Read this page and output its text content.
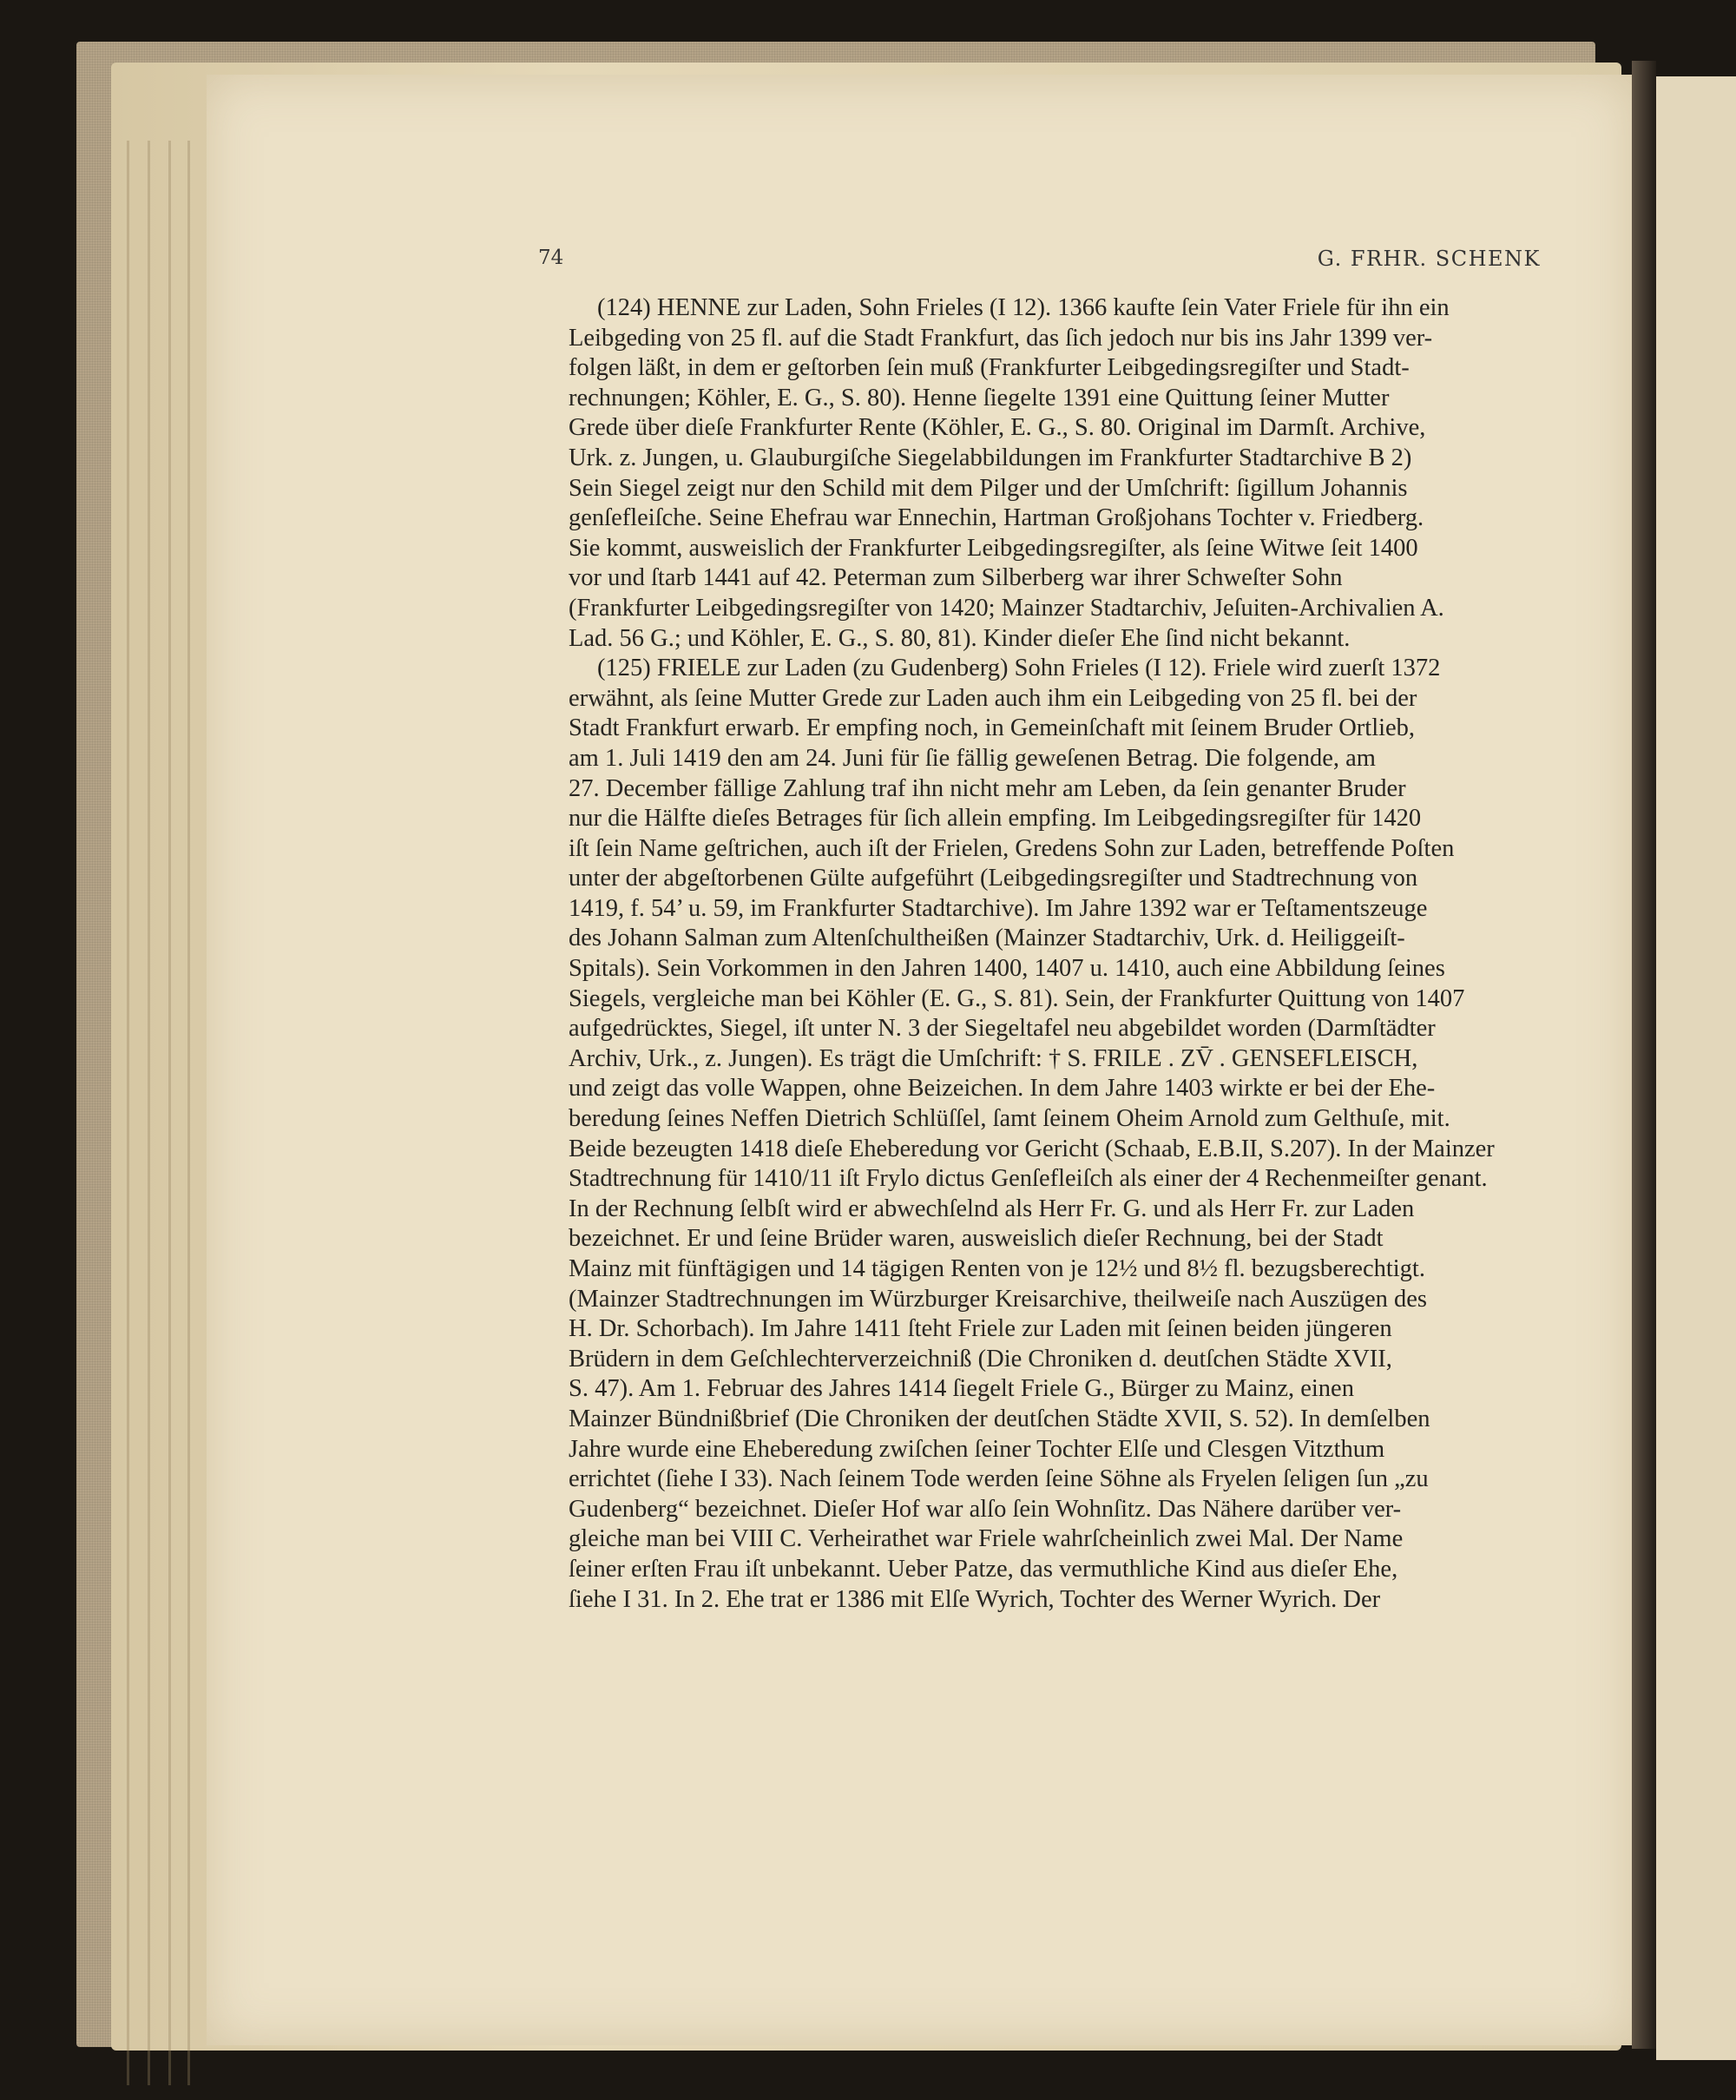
74	G. FRHR. SCHENK
(124) HENNE zur Laden, Sohn Frieles (I 12). 1366 kaufte ſein Vater Friele für ihn ein
Leibgeding von 25 fl. auf die Stadt Frankfurt, das ſich jedoch nur bis ins Jahr 1399 ver-
folgen läßt, in dem er geſtorben ſein muß (Frankfurter Leibgedingsregiſter und Stadt-
rechnungen; Köhler, E. G., S. 80). Henne ſiegelte 1391 eine Quittung ſeiner Mutter
Grede über dieſe Frankfurter Rente (Köhler, E. G., S. 80. Original im Darmſt. Archive,
Urk. z. Jungen, u. Glauburgiſche Siegelabbildungen im Frankfurter Stadtarchive B 2)
Sein Siegel zeigt nur den Schild mit dem Pilger und der Umſchrift: ſigillum Johannis
genſefleiſche. Seine Ehefrau war Ennechin, Hartman Großjohans Tochter v. Friedberg.
Sie kommt, ausweislich der Frankfurter Leibgedingsregiſter, als ſeine Witwe ſeit 1400
vor und ſtarb 1441 auf 42. Peterman zum Silberberg war ihrer Schweſter Sohn
(Frankfurter Leibgedingsregiſter von 1420; Mainzer Stadtarchiv, Jeſuiten-Archivalien A.
Lad. 56 G.; und Köhler, E. G., S. 80, 81). Kinder dieſer Ehe ſind nicht bekannt.
(125) FRIELE zur Laden (zu Gudenberg) Sohn Frieles (I 12). Friele wird zuerſt 1372
erwähnt, als ſeine Mutter Grede zur Laden auch ihm ein Leibgeding von 25 fl. bei der
Stadt Frankfurt erwarb. Er empfing noch, in Gemeinſchaft mit ſeinem Bruder Ortlieb,
am 1. Juli 1419 den am 24. Juni für ſie fällig geweſenen Betrag. Die folgende, am
27. December fällige Zahlung traf ihn nicht mehr am Leben, da ſein genanter Bruder
nur die Hälfte dieſes Betrages für ſich allein empfing. Im Leibgedingsregiſter für 1420
iſt ſein Name geſtrichen, auch iſt der Frielen, Gredens Sohn zur Laden, betreffende Poſten
unter der abgeſtorbenen Gülte aufgeführt (Leibgedingsregiſter und Stadtrechnung von
1419, f. 54’ u. 59, im Frankfurter Stadtarchive). Im Jahre 1392 war er Teſtamentszeuge
des Johann Salman zum Altenſchultheißen (Mainzer Stadtarchiv, Urk. d. Heiliggeiſt-
Spitals). Sein Vorkommen in den Jahren 1400, 1407 u. 1410, auch eine Abbildung ſeines
Siegels, vergleiche man bei Köhler (E. G., S. 81). Sein, der Frankfurter Quittung von 1407
aufgedrücktes, Siegel, iſt unter N. 3 der Siegeltafel neu abgebildet worden (Darmſtädter
Archiv, Urk., z. Jungen). Es trägt die Umſchrift: † S. FRILE . ZV̄ . GENSEFLEISCH,
und zeigt das volle Wappen, ohne Beizeichen. In dem Jahre 1403 wirkte er bei der Ehe-
beredung ſeines Neffen Dietrich Schlüſſel, ſamt ſeinem Oheim Arnold zum Gelthuſe, mit.
Beide bezeugten 1418 dieſe Eheberedung vor Gericht (Schaab, E.B.II, S.207). In der Mainzer
Stadtrechnung für 1410/11 iſt Frylo dictus Genſefleiſch als einer der 4 Rechenmeiſter genant.
In der Rechnung ſelbſt wird er abwechſelnd als Herr Fr. G. und als Herr Fr. zur Laden
bezeichnet. Er und ſeine Brüder waren, ausweislich dieſer Rechnung, bei der Stadt
Mainz mit fünftägigen und 14 tägigen Renten von je 12½ und 8½ fl. bezugsberechtigt.
(Mainzer Stadtrechnungen im Würzburger Kreisarchive, theilweiſe nach Auszügen des
H. Dr. Schorbach). Im Jahre 1411 ſteht Friele zur Laden mit ſeinen beiden jüngeren
Brüdern in dem Geſchlechterverzeichniß (Die Chroniken d. deutſchen Städte XVII,
S. 47). Am 1. Februar des Jahres 1414 ſiegelt Friele G., Bürger zu Mainz, einen
Mainzer Bündnißbrief (Die Chroniken der deutſchen Städte XVII, S. 52). In demſelben
Jahre wurde eine Eheberedung zwiſchen ſeiner Tochter Elſe und Clesgen Vitzthum
errichtet (ſiehe I 33). Nach ſeinem Tode werden ſeine Söhne als Fryelen ſeligen ſun „zu
Gudenberg“ bezeichnet. Dieſer Hof war alſo ſein Wohnſitz. Das Nähere darüber ver-
gleiche man bei VIII C. Verheirathet war Friele wahrſcheinlich zwei Mal. Der Name
ſeiner erſten Frau iſt unbekannt. Ueber Patze, das vermuthliche Kind aus dieſer Ehe,
ſiehe I 31. In 2. Ehe trat er 1386 mit Elſe Wyrich, Tochter des Werner Wyrich. Der
